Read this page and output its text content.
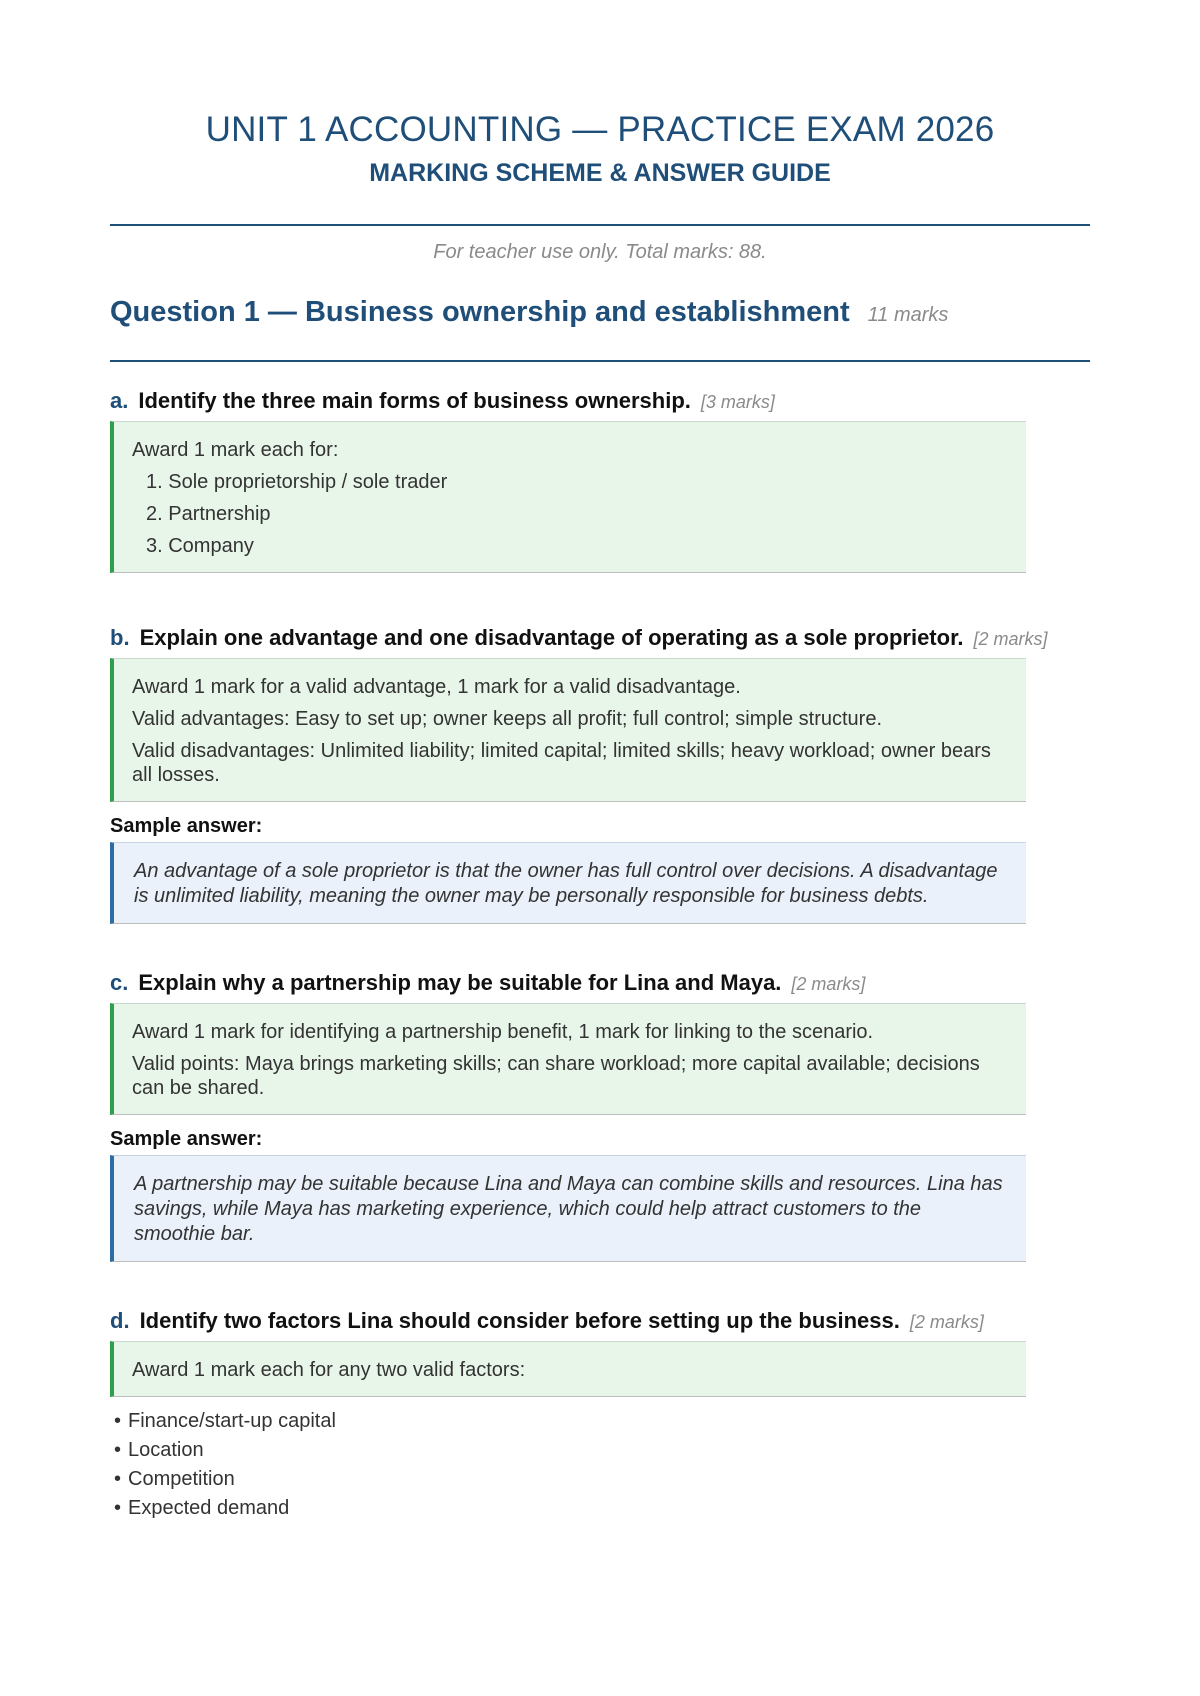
UNIT 1 ACCOUNTING — PRACTICE EXAM 2026
MARKING SCHEME & ANSWER GUIDE

For teacher use only. Total marks: 88.

Question 1 — Business ownership and establishment 11 marks
a. Identify the three main forms of business ownership. [3 marks]

Award 1 mark each for:

1. Sole proprietorship / sole trader
2. Partnership
3. Company
b. Explain one advantage and one disadvantage of operating as a sole proprietor. [2 marks]

Award 1 mark for a valid advantage, 1 mark for a valid disadvantage.

Valid advantages: Easy to set up; owner keeps all profit; full control; simple structure.

Valid disadvantages: Unlimited liability; limited capital; limited skills; heavy workload; owner bears all losses.

Sample answer:

An advantage of a sole proprietor is that the owner has full control over decisions. A disadvantage is unlimited liability, meaning the owner may be personally responsible for business debts.
c. Explain why a partnership may be suitable for Lina and Maya. [2 marks]

Award 1 mark for identifying a partnership benefit, 1 mark for linking to the scenario.

Valid points: Maya brings marketing skills; can share workload; more capital available; decisions can be shared.

Sample answer:

A partnership may be suitable because Lina and Maya can combine skills and resources. Lina has savings, while Maya has marketing experience, which could help attract customers to the smoothie bar.
d. Identify two factors Lina should consider before setting up the business. [2 marks]

Award 1 mark each for any two valid factors:

• Finance/start-up capital
• Location
• Competition
• Expected demand
